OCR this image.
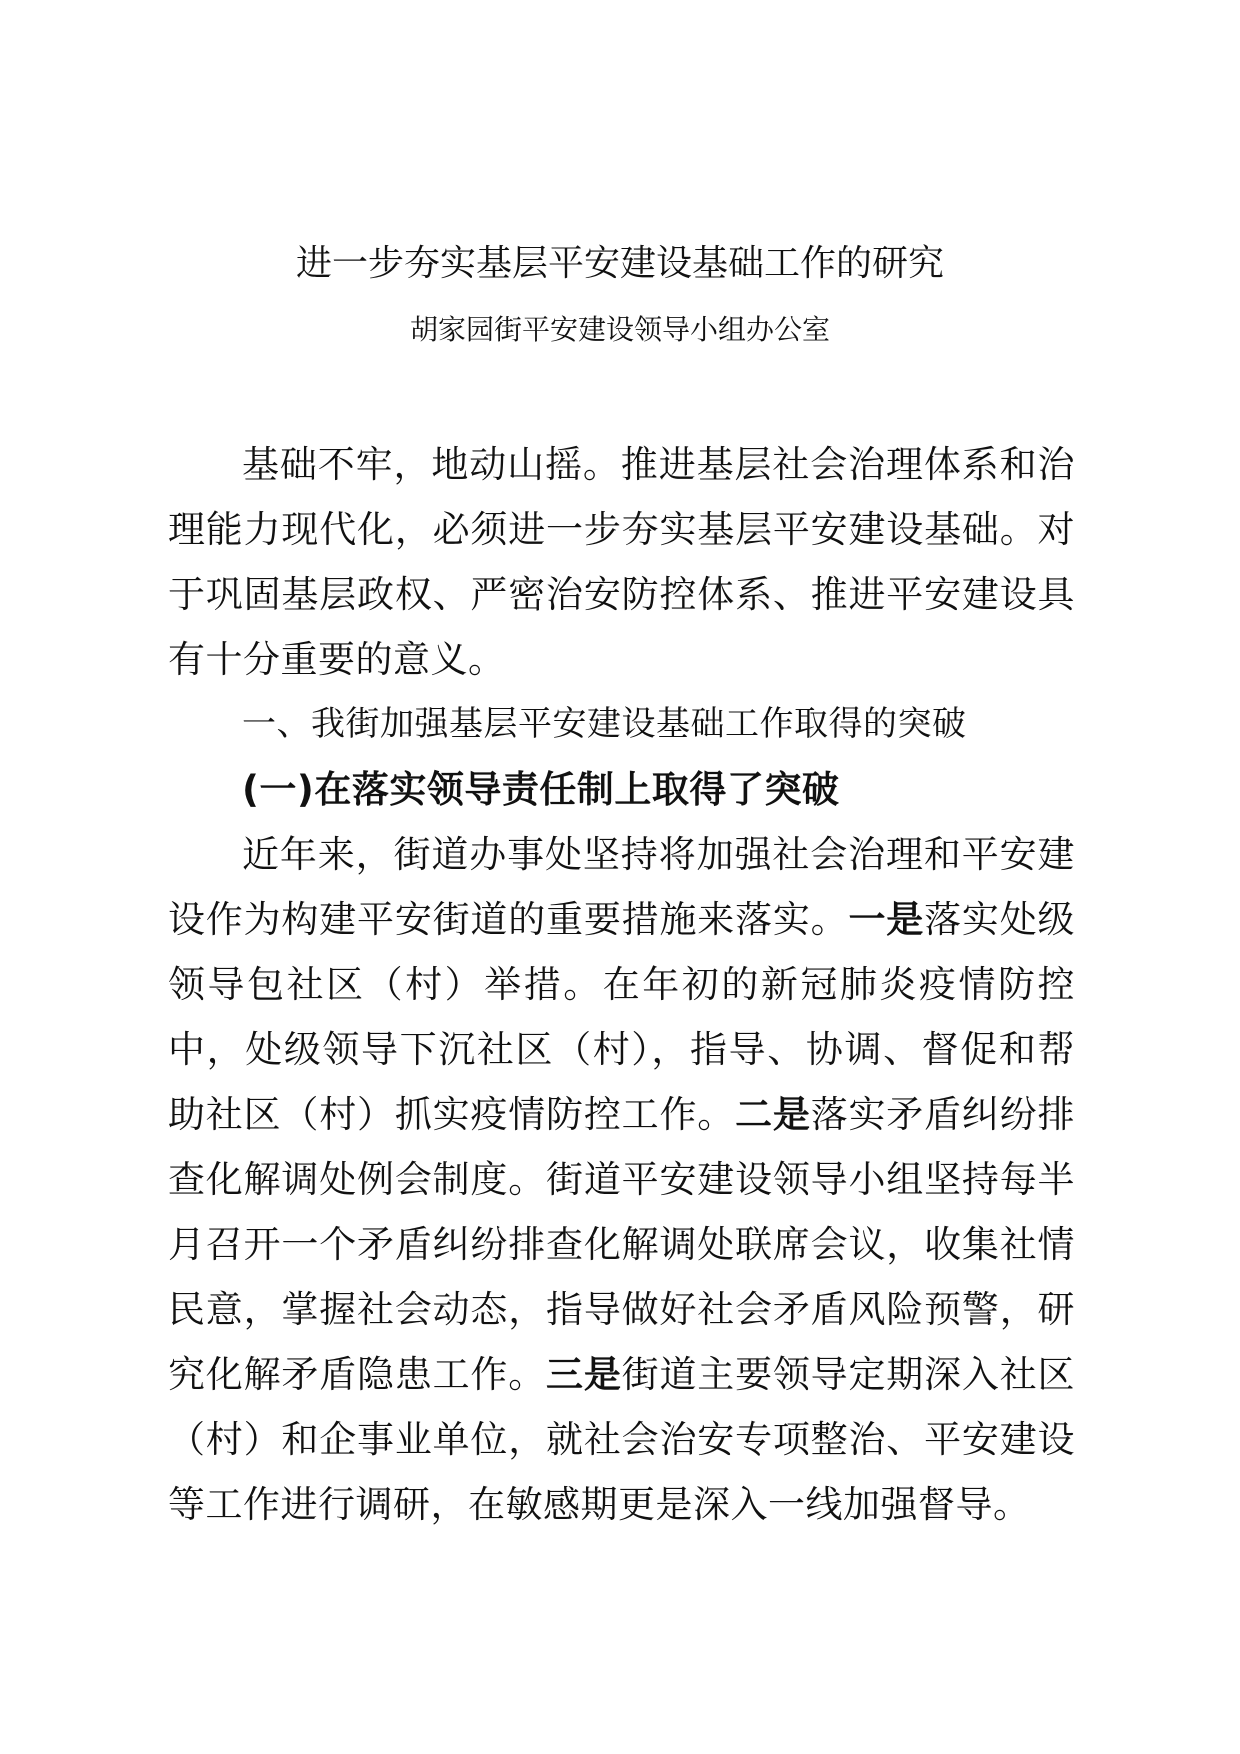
进一步夯实基层平安建设基础工作的研究
胡家园街平安建设领导小组办公室

基础不牢，地动山摇。推进基层社会治理体系和治理能力现代化，必须进一步夯实基层平安建设基础。对于巩固基层政权、严密治安防控体系、推进平安建设具有十分重要的意义。

一、我街加强基层平安建设基础工作取得的突破

(一)在落实领导责任制上取得了突破

近年来，街道办事处坚持将加强社会治理和平安建设作为构建平安街道的重要措施来落实。一是落实处级领导包社区（村）举措。在年初的新冠肺炎疫情防控中，处级领导下沉社区（村），指导、协调、督促和帮助社区（村）抓实疫情防控工作。二是落实矛盾纠纷排查化解调处例会制度。街道平安建设领导小组坚持每半月召开一个矛盾纠纷排查化解调处联席会议，收集社情民意，掌握社会动态，指导做好社会矛盾风险预警，研究化解矛盾隐患工作。三是街道主要领导定期深入社区（村）和企事业单位，就社会治安专项整治、平安建设等工作进行调研，在敏感期更是深入一线加强督导。
